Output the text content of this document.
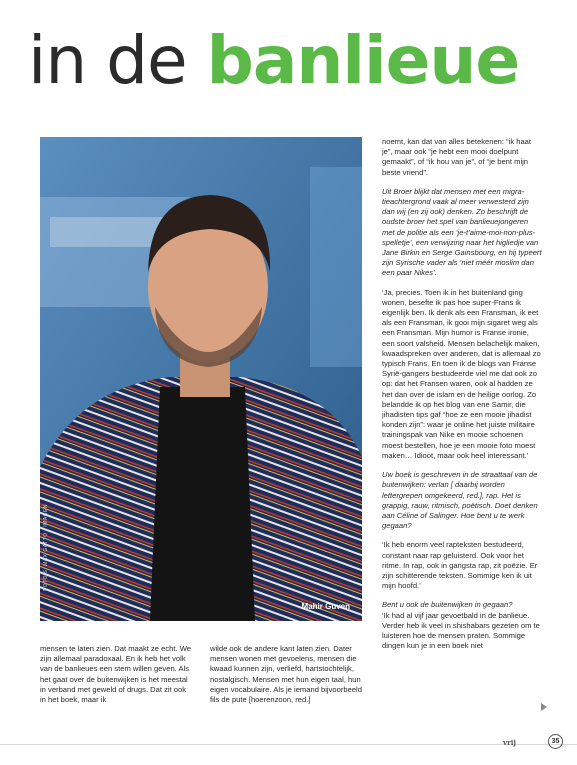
in de banlieue
FOTO'S: MAX GATTO / IMAGEN
Mahir Guven

noemt, kan dat van alles betekenen: “ik haat je”, maar ook “je hebt een mooi doelpunt gemaakt”, of “ik hou van je”, of “je bent mijn beste vriend”.

Uit Broer blijkt dat mensen met een migratieachtergrond vaak al meer verwesterd zijn dan wij (en zij ook) denken. Zo beschrijft de oudste broer het spel van banlieuejongeren met de politie als een ‘je-t’aime-moi-non-plus-spelletje’, een verwijzing naar het higliedje van Jane Birkin en Serge Gainsbourg, en hij typeert zijn Syrische vader als ‘niet méér moslim dan een paar Nikes’.

‘Ja, precies. Toen ik in het buitenland ging wonen, besefte ik pas hoe super-Frans ik eigenlijk ben. Ik denk als een Fransman, ik eet als een Fransman, ik gooi mijn sigaret weg als een Fransman. Mijn humor is Franse ironie, een soort valsheid. Mensen belachelijk maken, kwaadspreken over anderen, dat is allemaal zo typisch Frans. En toen ik de blogs van Franse Syrië-gangers bestudeerde viel me dat ook zo op: dat het Fransen waren, ook al hadden ze het dan over de islam en de heilige oorlog. Zo belandde ik op het blog van ene Samir, die jihadisten tips gaf “hoe ze een mooie jihadist konden zijn”: waar je online het juiste militaire trainingspak van Nike en mooie schoenen moest bestellen, hoe je een mooie foto moest maken… Idioot, maar ook heel interessant.’

Uw boek is geschreven in de straattaal van de buitenwijken: verlan [ daarbij worden lettergrepen omgekeerd, red.], rap. Het is grappig, rauw, ritmisch, poëtisch. Doet denken aan Céline of Salinger. Hoe bent u te werk gegaan?

‘Ik heb enorm veel rapteksten bestudeerd, constant naar rap geluisterd. Ook voor het ritme. In rap, ook in gangsta rap, zit poëzie. Er zijn schitterende teksten. Sommige ken ik uit mijn hoofd.’

Bent u ook de buitenwijken in gegaan?

‘Ik had al vijf jaar gevoetbald in de banlieue. Verder heb ik veel in shishabars gezeten om te luisteren hoe de mensen praten. Sommige dingen kun je in een boek niet

mensen te laten zien. Dat maakt ze echt. We zijn allemaal paradoxaal. En ik heb het volk van de banlieues een stem willen geven. Als het gaat over de buitenwijken is het meestal in verband met geweld of drugs. Dat zit ook in het boek, maar ik

wilde ook de andere kant laten zien. Dater mensen wonen met gevoelens, mensen die kwaad kunnen zijn, verliefd, hartstochtelijk, nostalgisch. Mensen met hun eigen taal, hun eigen vocabulaire. Als je iemand bijvoorbeeld fils de pute [hoerenzoon, red.]

vrij	35
